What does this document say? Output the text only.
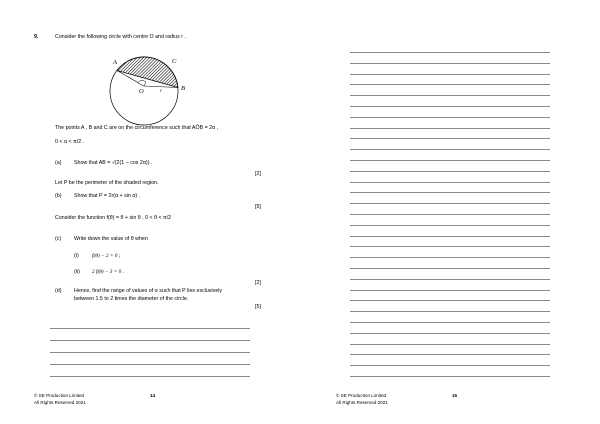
9.	Consider the following circle with centre O and radius r .
A	C
B
O	r
The points A , B and C are on the circumference such that AÔB = 2α ,
0 < α < π/2 .
(a) Show that AB = √(2(1 − cos 2α)) .
[2]
Let P be the perimeter of the shaded region.
(b) Show that P = 2r(α + sin α) .
[5]
Consider the function f(θ) = θ + sin θ , 0 < θ < π/2
(c) Write down the value of θ when
(i)	f(θ) − 2 = 0 ;
(ii) 2 f(θ) − 3 = 0 .
[2]
(d) Hence, find the range of values of α such that P lies exclusively
between 1.5 to 2 times the diameter of the circle.
[5]
© SE Production Limited
All Rights Reserved 2021
14	© SE Production Limited
All Rights Reserved 2021
15
